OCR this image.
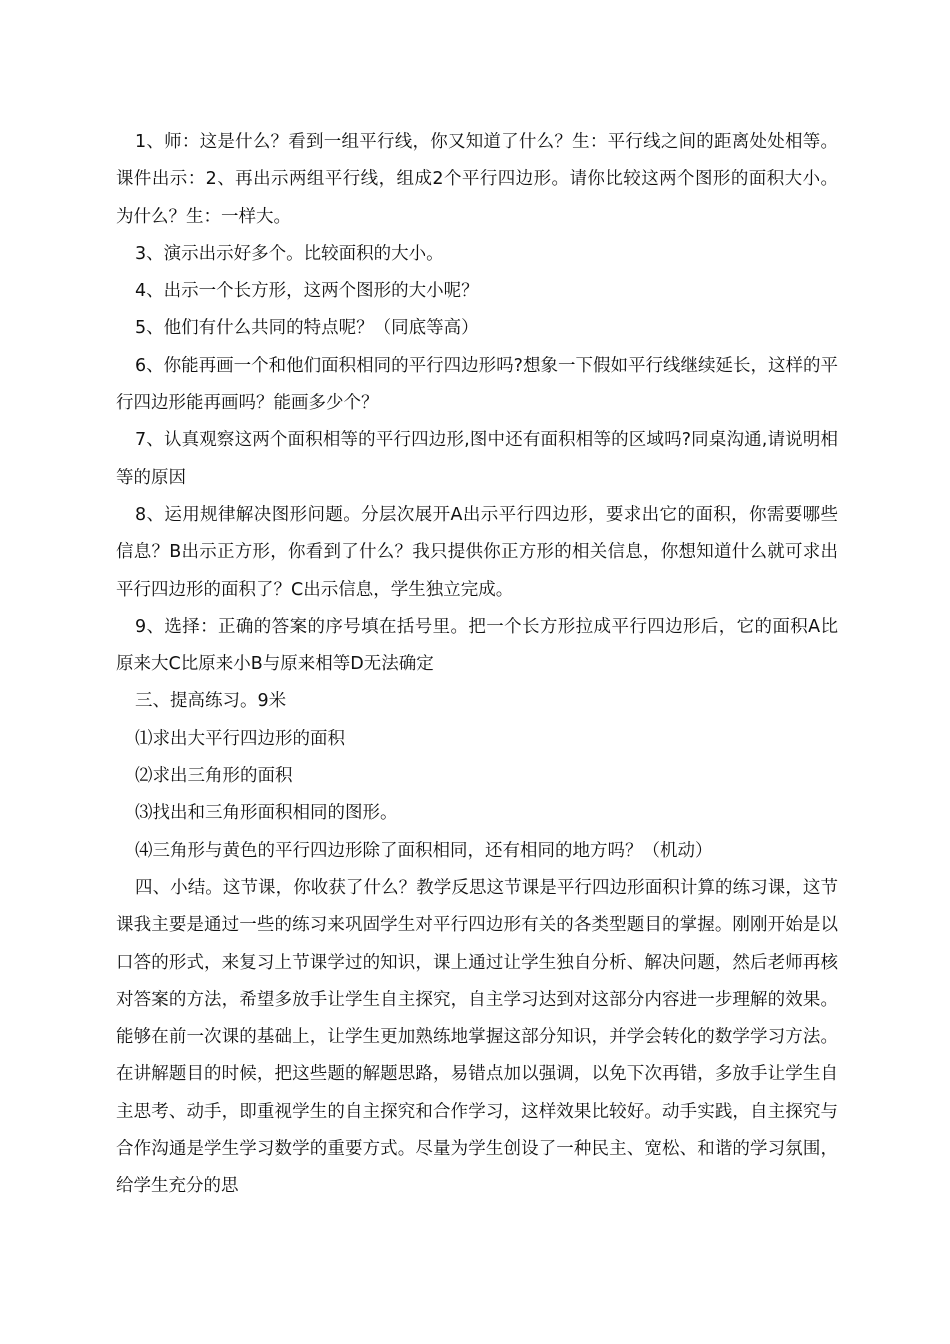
1、师：这是什么？看到一组平行线，你又知道了什么？生：平行线之间的距离处处相等。课件出示：2、再出示两组平行线，组成2个平行四边形。请你比较这两个图形的面积大小。为什么？生：一样大。

3、演示出示好多个。比较面积的大小。

4、出示一个长方形，这两个图形的大小呢？

5、他们有什么共同的特点呢？（同底等高）

6、你能再画一个和他们面积相同的平行四边形吗?想象一下假如平行线继续延长，这样的平行四边形能再画吗？能画多少个？

7、认真观察这两个面积相等的平行四边形,图中还有面积相等的区域吗?同桌沟通,请说明相等的原因

8、运用规律解决图形问题。分层次展开A出示平行四边形，要求出它的面积，你需要哪些信息？B出示正方形，你看到了什么？我只提供你正方形的相关信息，你想知道什么就可求出平行四边形的面积了？C出示信息，学生独立完成。

9、选择：正确的答案的序号填在括号里。把一个长方形拉成平行四边形后，它的面积A比原来大C比原来小B与原来相等D无法确定

三、提高练习。9米

⑴求出大平行四边形的面积

⑵求出三角形的面积

⑶找出和三角形面积相同的图形。

⑷三角形与黄色的平行四边形除了面积相同，还有相同的地方吗？（机动）

四、小结。这节课，你收获了什么？教学反思这节课是平行四边形面积计算的练习课，这节课我主要是通过一些的练习来巩固学生对平行四边形有关的各类型题目的掌握。刚刚开始是以口答的形式，来复习上节课学过的知识，课上通过让学生独自分析、解决问题，然后老师再核对答案的方法，希望多放手让学生自主探究，自主学习达到对这部分内容进一步理解的效果。能够在前一次课的基础上，让学生更加熟练地掌握这部分知识，并学会转化的数学学习方法。在讲解题目的时候，把这些题的解题思路，易错点加以强调，以免下次再错，多放手让学生自主思考、动手，即重视学生的自主探究和合作学习，这样效果比较好。动手实践，自主探究与合作沟通是学生学习数学的重要方式。尽量为学生创设了一种民主、宽松、和谐的学习氛围，给学生充分的思
